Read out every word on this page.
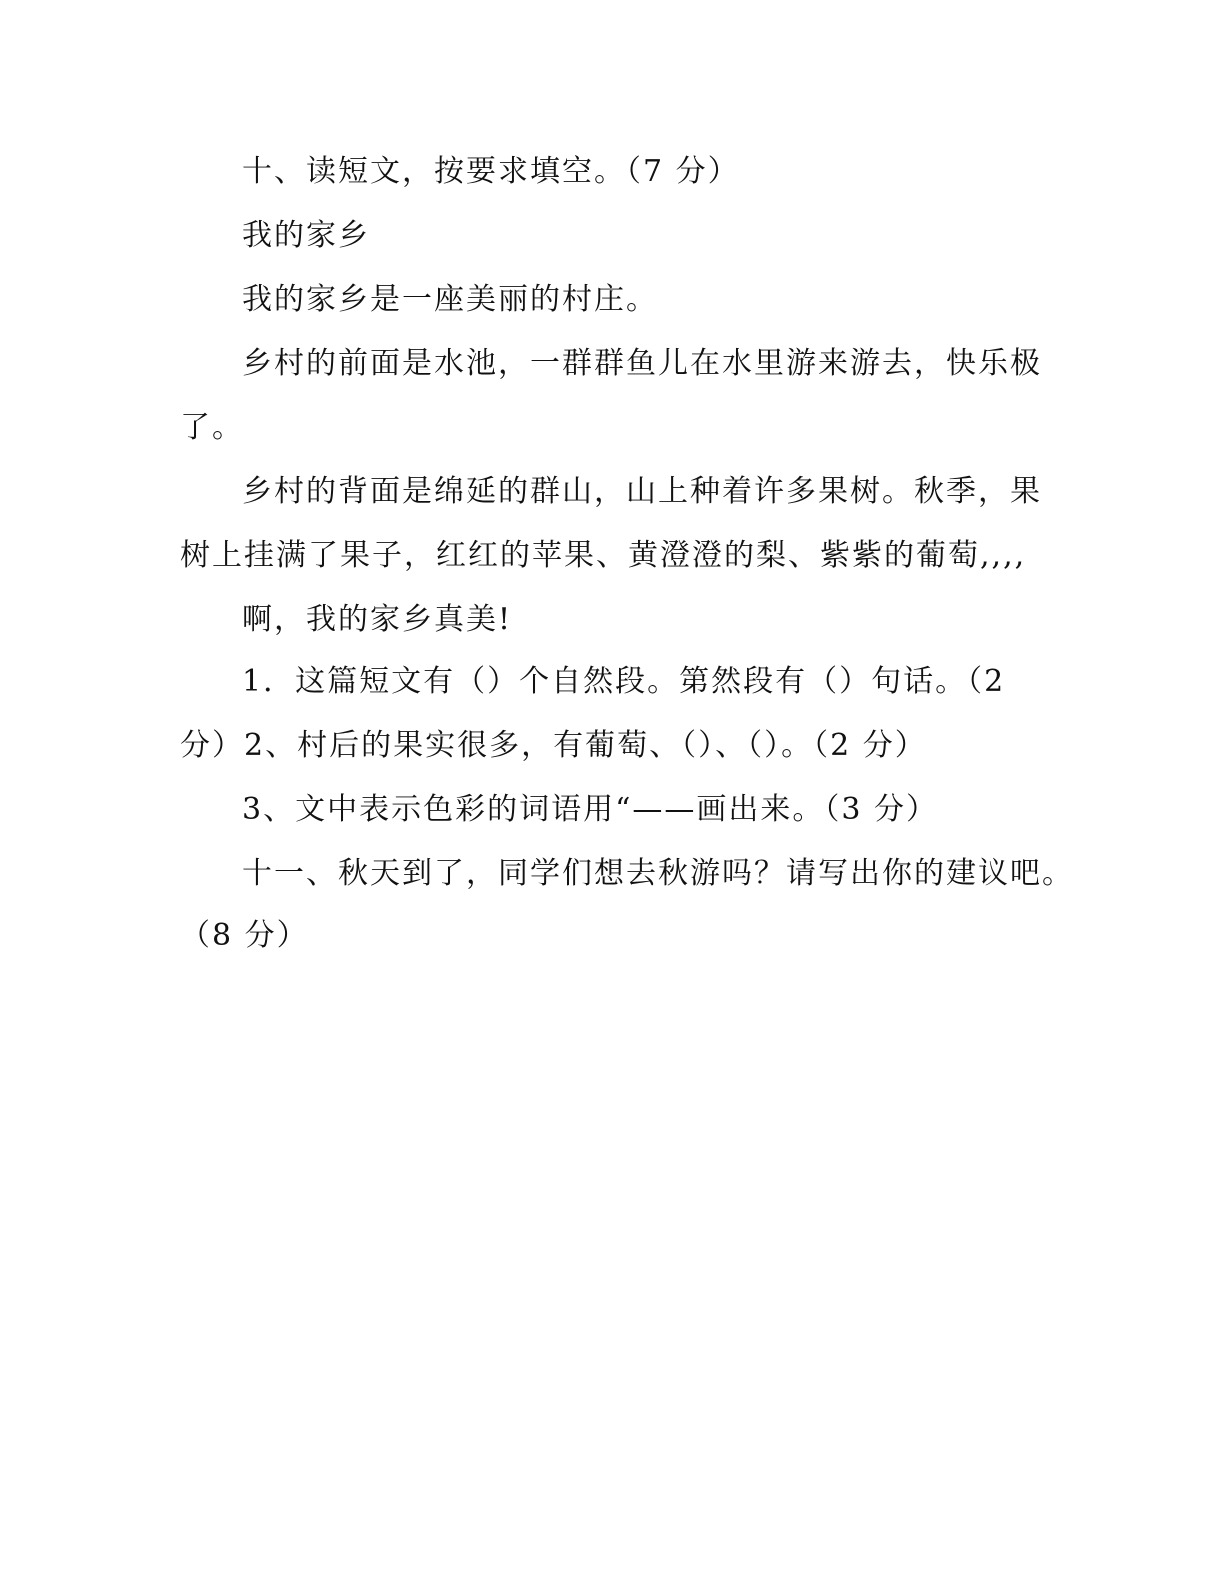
十、读短文，按要求填空。（7 分）
我的家乡
我的家乡是一座美丽的村庄。
乡村的前面是水池，一群群鱼儿在水里游来游去，快乐极
了。
乡村的背面是绵延的群山，山上种着许多果树。秋季，果
树上挂满了果子，红红的苹果、黄澄澄的梨、紫紫的葡萄,,,,
啊，我的家乡真美!
1．这篇短文有（）个自然段。第然段有（）句话。（2
分）2、村后的果实很多，有葡萄、（）、（）。（2 分）
3、文中表示色彩的词语用“——画出来。（3 分）
十一、秋天到了，同学们想去秋游吗？请写出你的建议吧。
（8 分）
